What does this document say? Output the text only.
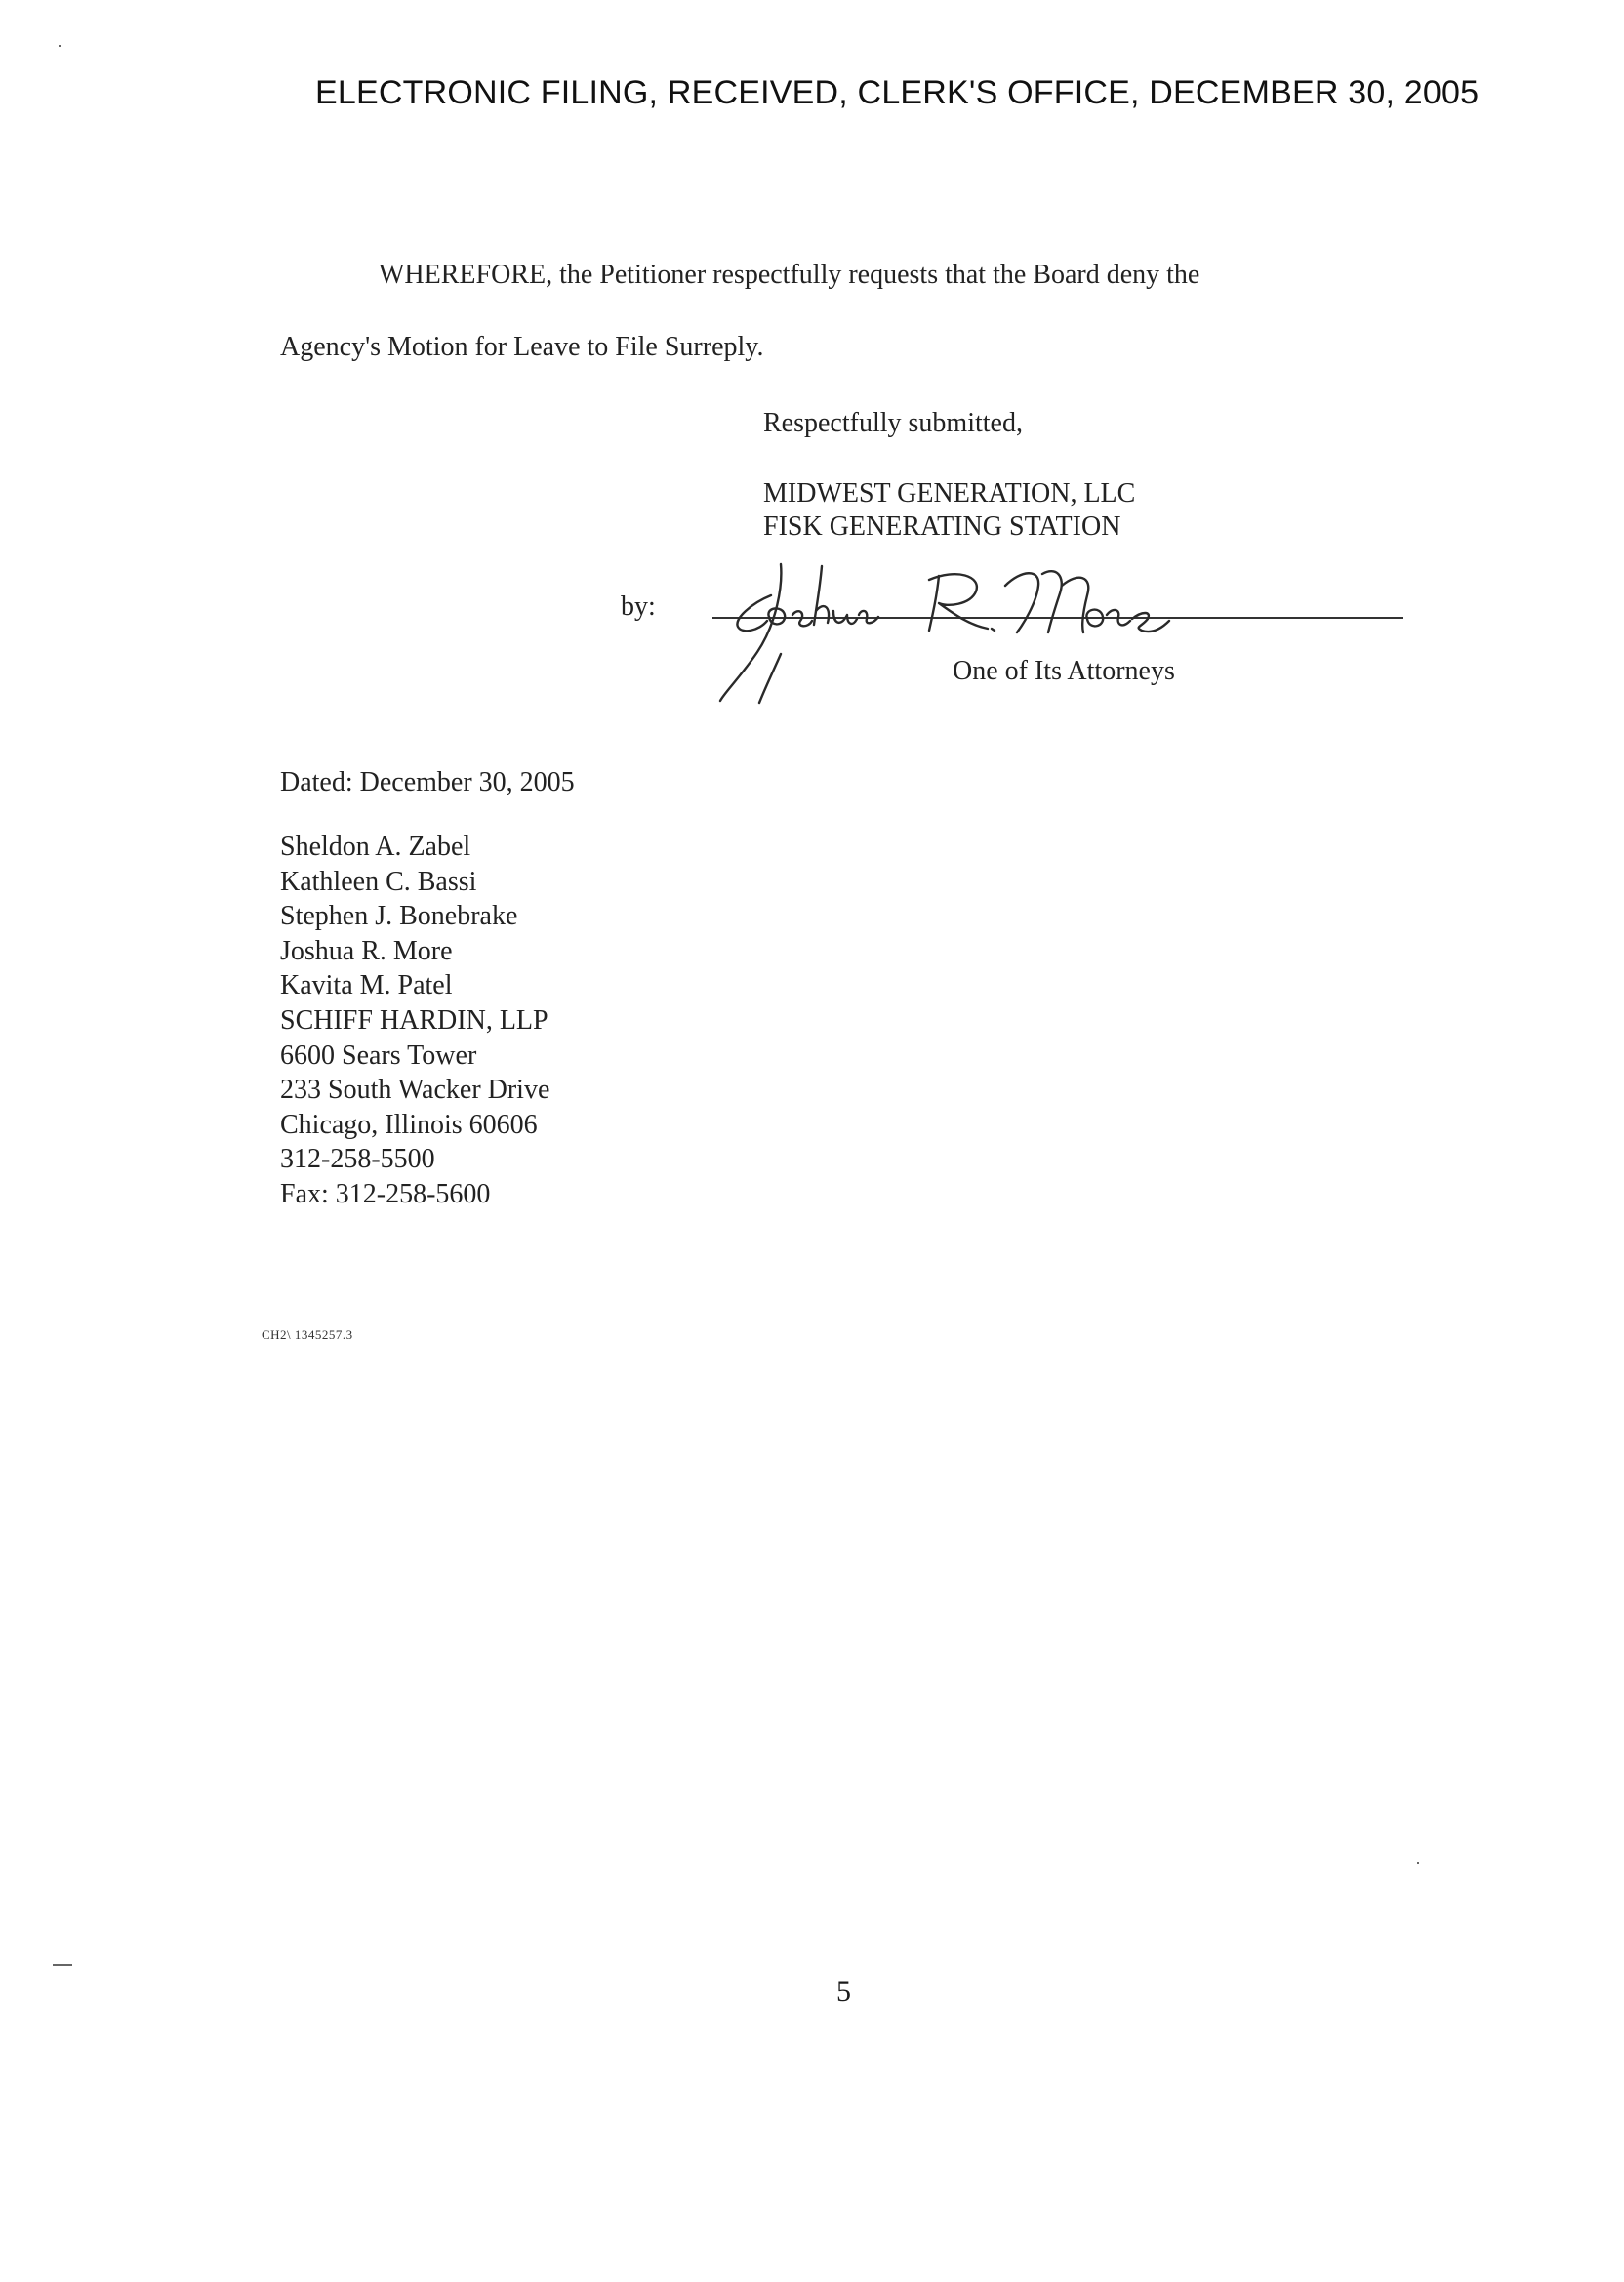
ELECTRONIC FILING, RECEIVED, CLERK'S OFFICE, DECEMBER 30, 2005
WHEREFORE, the Petitioner respectfully requests that the Board deny the
Agency's Motion for Leave to File Surreply.
Respectfully submitted,
MIDWEST GENERATION, LLC
FISK GENERATING STATION
by:
One of Its Attorneys
Dated: December 30, 2005
Sheldon A. Zabel
Kathleen C. Bassi
Stephen J. Bonebrake
Joshua R. More
Kavita M. Patel
SCHIFF HARDIN, LLP
6600 Sears Tower
233 South Wacker Drive
Chicago, Illinois 60606
312-258-5500
Fax: 312-258-5600
CH2\ 1345257.3
5
